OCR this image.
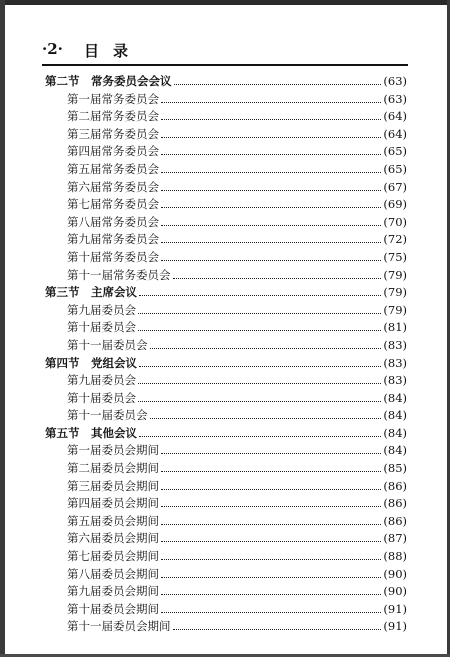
·2· 目录
第二节　常务委员会会议	(63)
第一届常务委员会	(63)
第二届常务委员会	(64)
第三届常务委员会	(64)
第四届常务委员会	(65)
第五届常务委员会	(65)
第六届常务委员会	(67)
第七届常务委员会	(69)
第八届常务委员会	(70)
第九届常务委员会	(72)
第十届常务委员会	(75)
第十一届常务委员会	(79)
第三节　主席会议	(79)
第九届委员会	(79)
第十届委员会	(81)
第十一届委员会	(83)
第四节　党组会议	(83)
第九届委员会	(83)
第十届委员会	(84)
第十一届委员会	(84)
第五节　其他会议	(84)
第一届委员会期间	(84)
第二届委员会期间	(85)
第三届委员会期间	(86)
第四届委员会期间	(86)
第五届委员会期间	(86)
第六届委员会期间	(87)
第七届委员会期间	(88)
第八届委员会期间	(90)
第九届委员会期间	(90)
第十届委员会期间	(91)
第十一届委员会期间	(91)
